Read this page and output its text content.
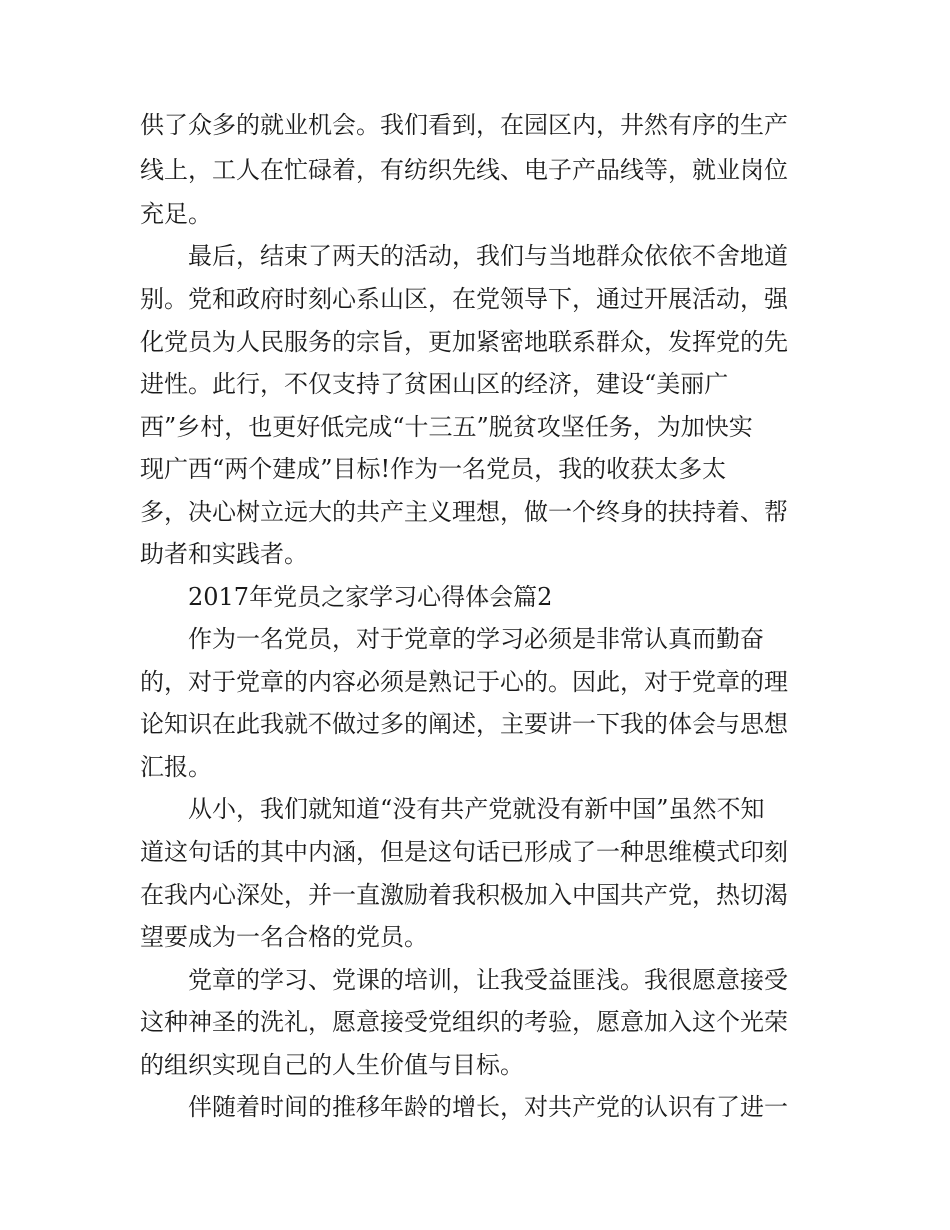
供了众多的就业机会。我们看到，在园区内，井然有序的生产
线上，工人在忙碌着，有纺织先线、电子产品线等，就业岗位
充足。
　　最后，结束了两天的活动，我们与当地群众依依不舍地道
别。党和政府时刻心系山区，在党领导下，通过开展活动，强
化党员为人民服务的宗旨，更加紧密地联系群众，发挥党的先
进性。此行，不仅支持了贫困山区的经济，建设“美丽广
西”乡村，也更好低完成“十三五”脱贫攻坚任务，为加快实
现广西“两个建成”目标!作为一名党员，我的收获太多太
多，决心树立远大的共产主义理想，做一个终身的扶持着、帮
助者和实践者。
　　2017年党员之家学习心得体会篇2
　　作为一名党员，对于党章的学习必须是非常认真而勤奋
的，对于党章的内容必须是熟记于心的。因此，对于党章的理
论知识在此我就不做过多的阐述，主要讲一下我的体会与思想
汇报。
　　从小，我们就知道“没有共产党就没有新中国”虽然不知
道这句话的其中内涵，但是这句话已形成了一种思维模式印刻
在我内心深处，并一直激励着我积极加入中国共产党，热切渴
望要成为一名合格的党员。
　　党章的学习、党课的培训，让我受益匪浅。我很愿意接受
这种神圣的洗礼，愿意接受党组织的考验，愿意加入这个光荣
的组织实现自己的人生价值与目标。
　　伴随着时间的推移年龄的增长，对共产党的认识有了进一
